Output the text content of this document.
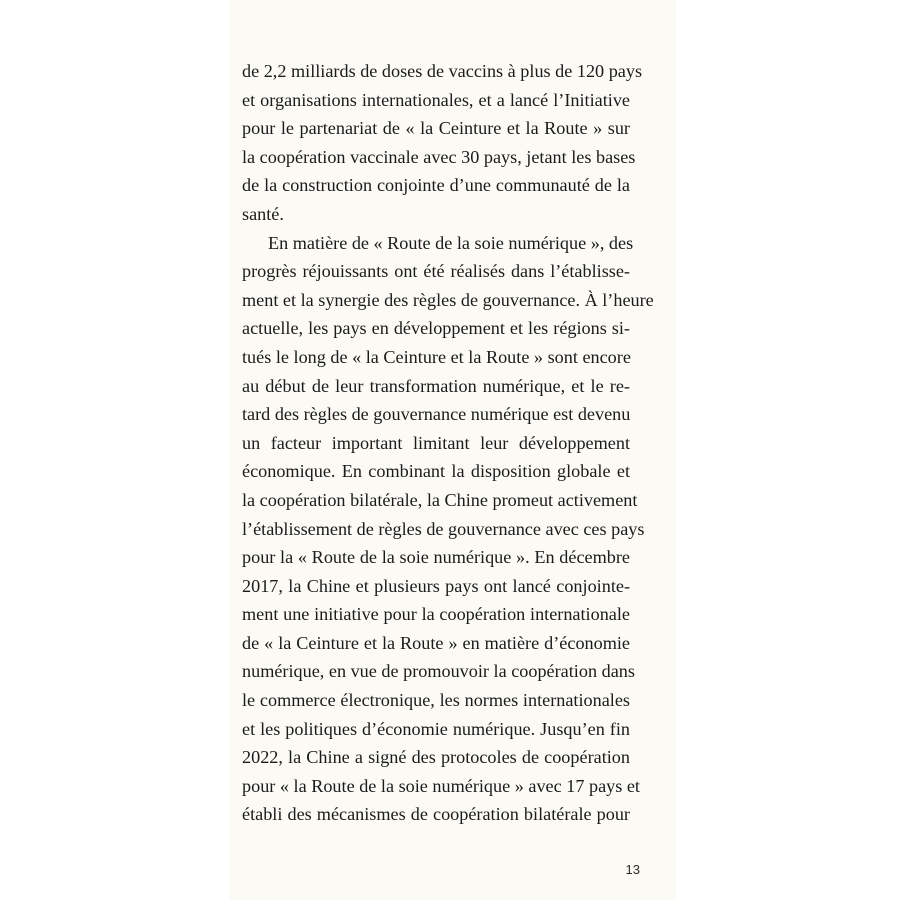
de 2,2 milliards de doses de vaccins à plus de 120 pays
et organisations internationales, et a lancé l’Initiative
pour le partenariat de « la Ceinture et la Route » sur
la coopération vaccinale avec 30 pays, jetant les bases
de la construction conjointe d’une communauté de la
santé.
En matière de « Route de la soie numérique », des
progrès réjouissants ont été réalisés dans l’établisse-
ment et la synergie des règles de gouvernance. À l’heure
actuelle, les pays en développement et les régions si-
tués le long de « la Ceinture et la Route » sont encore
au début de leur transformation numérique, et le re-
tard des règles de gouvernance numérique est devenu
un facteur important limitant leur développement
économique. En combinant la disposition globale et
la coopération bilatérale, la Chine promeut activement
l’établissement de règles de gouvernance avec ces pays
pour la « Route de la soie numérique ». En décembre
2017, la Chine et plusieurs pays ont lancé conjointe-
ment une initiative pour la coopération internationale
de « la Ceinture et la Route » en matière d’économie
numérique, en vue de promouvoir la coopération dans
le commerce électronique, les normes internationales
et les politiques d’économie numérique. Jusqu’en fin
2022, la Chine a signé des protocoles de coopération
pour « la Route de la soie numérique » avec 17 pays et
établi des mécanismes de coopération bilatérale pour
13
